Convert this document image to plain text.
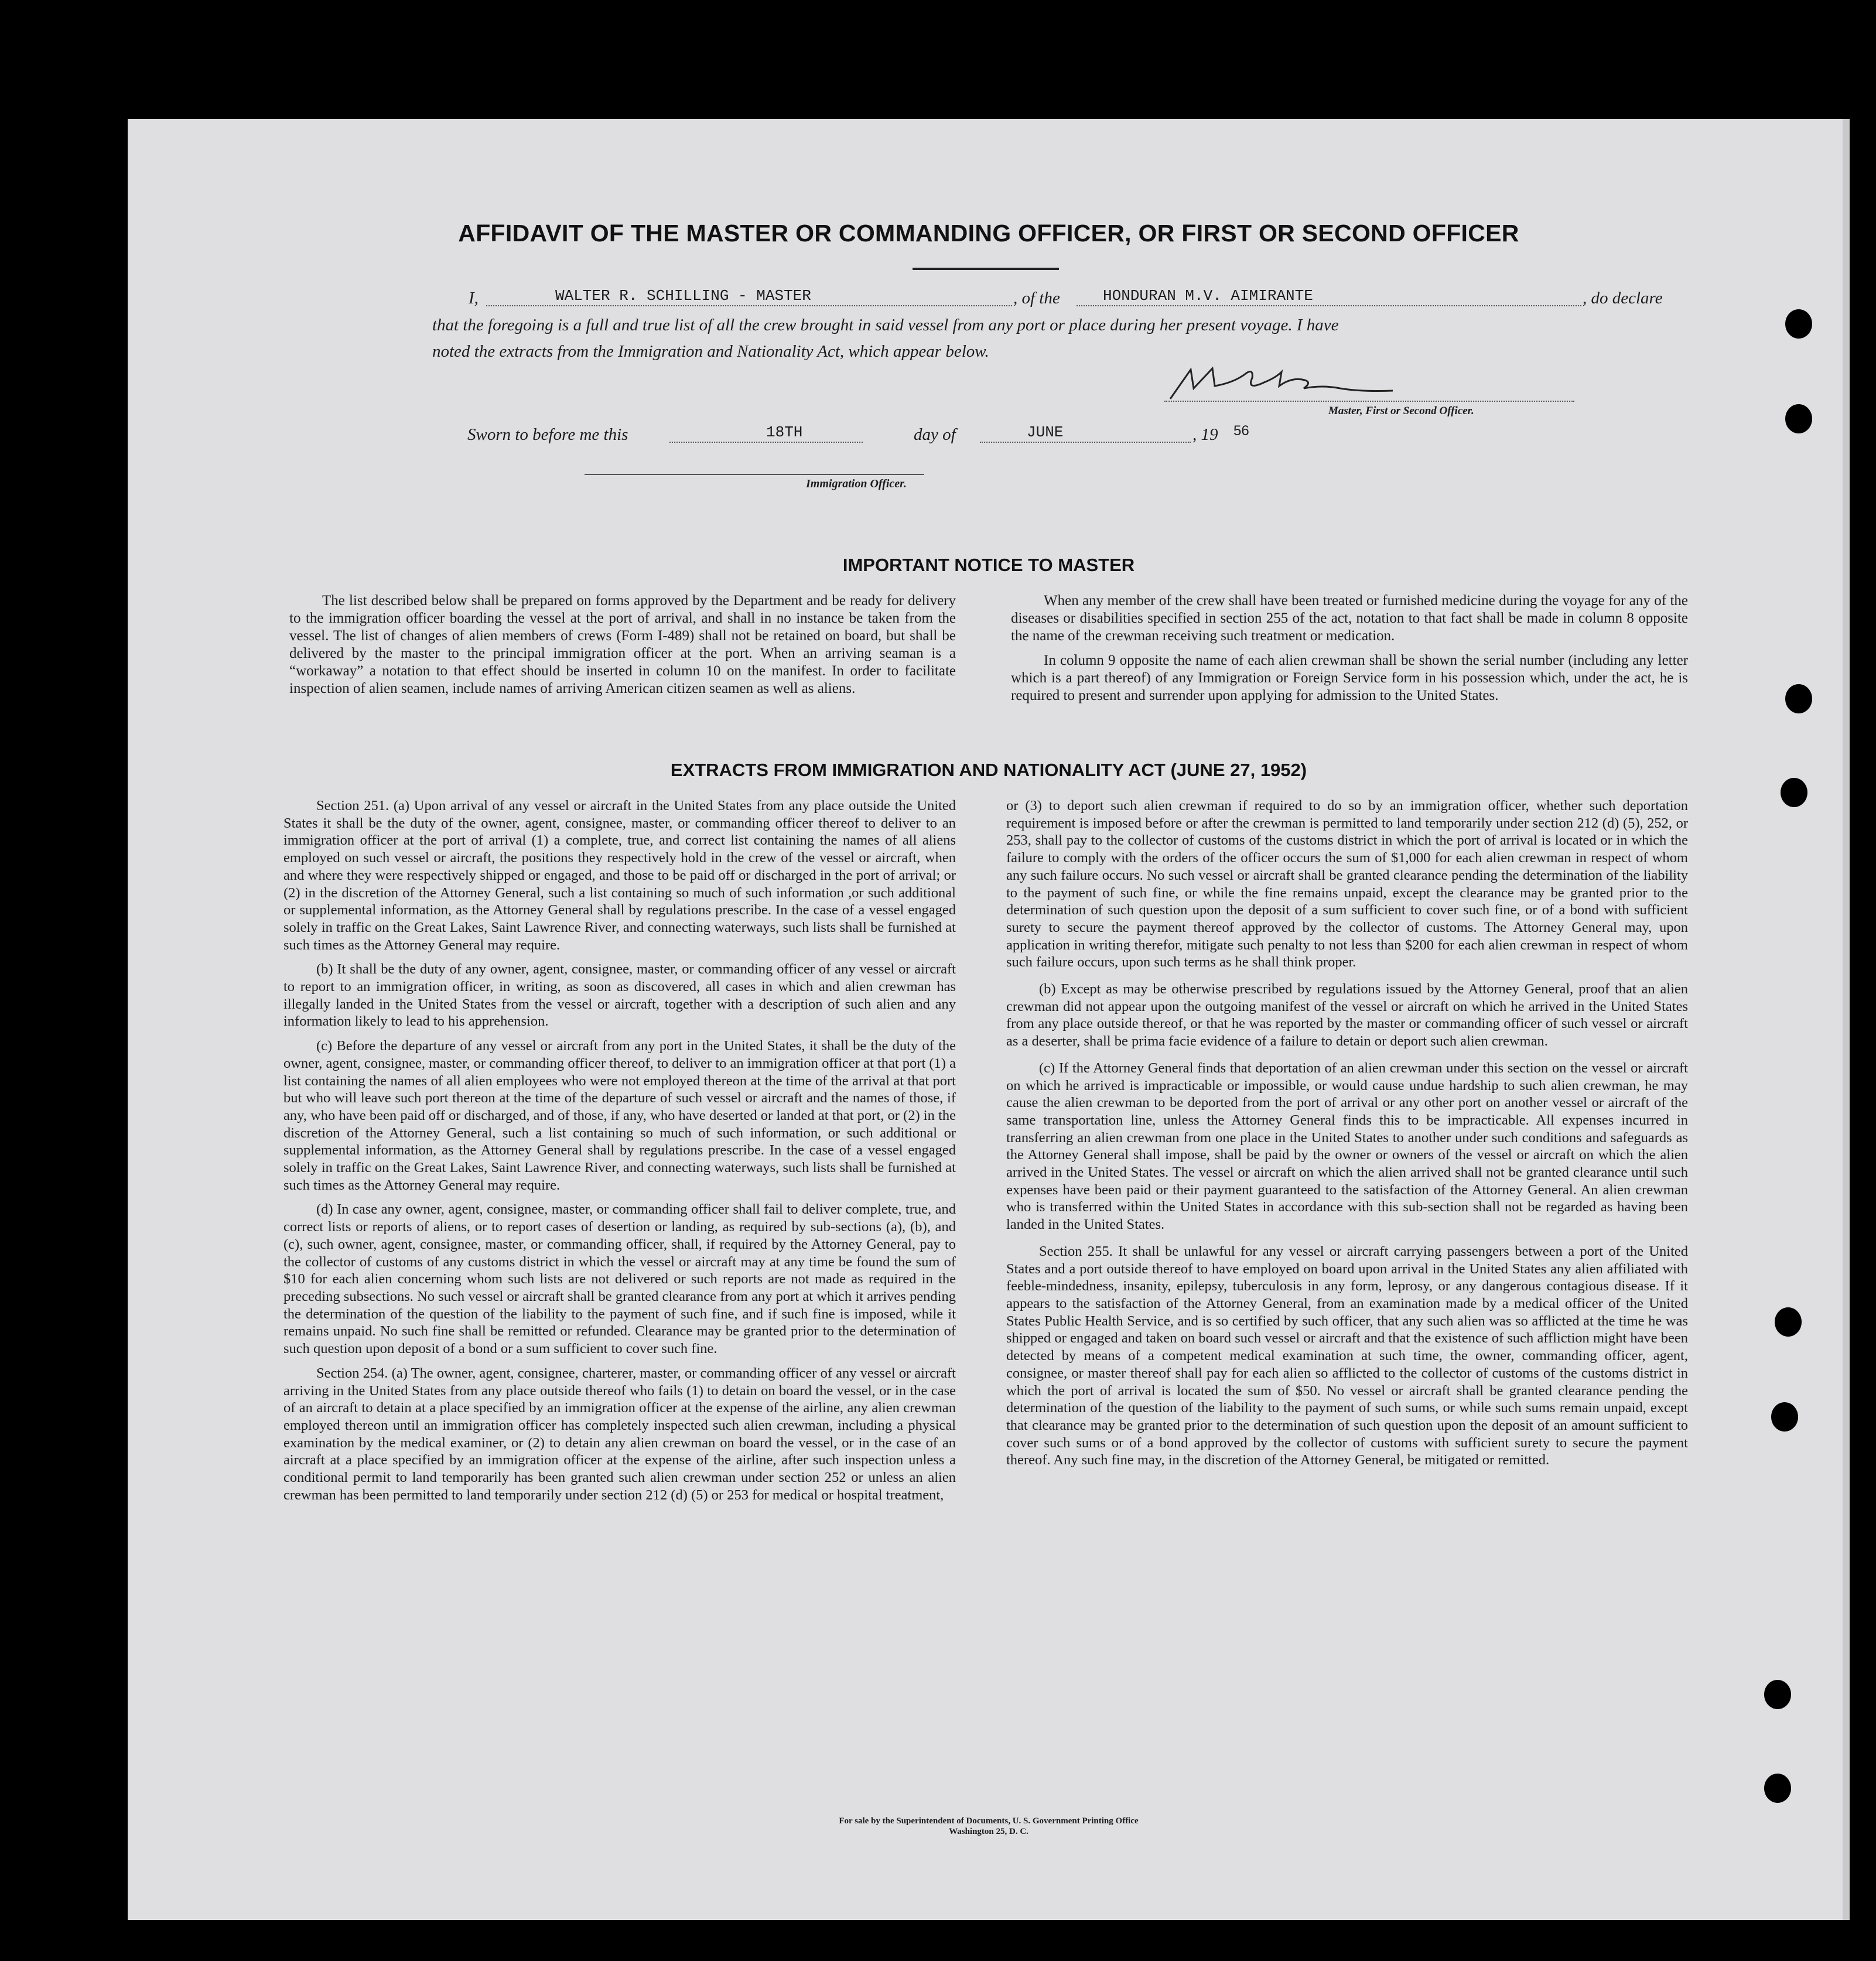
AFFIDAVIT OF THE MASTER OR COMMANDING OFFICER, OR FIRST OR SECOND OFFICER
I,	WALTER R. SCHILLING - MASTER	, of the	HONDURAN M.V. AIMIRANTE	, do declare
that the foregoing is a full and true list of all the crew brought in said vessel from any port or place during her present voyage. I have
noted the extracts from the Immigration and Nationality Act, which appear below.
Master, First or Second Officer.
Sworn to before me this	18TH	day of	JUNE	, 19 56
Immigration Officer.
IMPORTANT NOTICE TO MASTER

The list described below shall be prepared on forms approved by the Department and be ready for delivery to the immigration officer boarding the vessel at the port of arrival, and shall in no instance be taken from the vessel. The list of changes of alien members of crews (Form I-489) shall not be retained on board, but shall be delivered by the master to the principal immigration officer at the port. When an arriving seaman is a “workaway” a notation to that effect should be inserted in column 10 on the manifest. In order to facilitate inspection of alien seamen, include names of arriving American citizen seamen as well as aliens.

When any member of the crew shall have been treated or furnished medicine during the voyage for any of the diseases or disabilities specified in section 255 of the act, notation to that fact shall be made in column 8 opposite the name of the crewman receiving such treatment or medication.

In column 9 opposite the name of each alien crewman shall be shown the serial number (including any letter which is a part thereof) of any Immigration or Foreign Service form in his possession which, under the act, he is required to present and surrender upon applying for admission to the United States.

EXTRACTS FROM IMMIGRATION AND NATIONALITY ACT (JUNE 27, 1952)

Section 251. (a) Upon arrival of any vessel or aircraft in the United States from any place outside the United States it shall be the duty of the owner, agent, consignee, master, or commanding officer thereof to deliver to an immigration officer at the port of arrival (1) a complete, true, and correct list containing the names of all aliens employed on such vessel or aircraft, the positions they respectively hold in the crew of the vessel or aircraft, when and where they were respectively shipped or engaged, and those to be paid off or discharged in the port of arrival; or (2) in the discretion of the Attorney General, such a list containing so much of such information ,or such additional or supplemental information, as the Attorney General shall by regulations prescribe. In the case of a vessel engaged solely in traffic on the Great Lakes, Saint Lawrence River, and connecting waterways, such lists shall be furnished at such times as the Attorney General may require.

(b) It shall be the duty of any owner, agent, consignee, master, or commanding officer of any vessel or aircraft to report to an immigration officer, in writing, as soon as discovered, all cases in which and alien crewman has illegally landed in the United States from the vessel or aircraft, together with a description of such alien and any information likely to lead to his apprehension.

(c) Before the departure of any vessel or aircraft from any port in the United States, it shall be the duty of the owner, agent, consignee, master, or commanding officer thereof, to deliver to an immigration officer at that port (1) a list containing the names of all alien employees who were not employed thereon at the time of the arrival at that port but who will leave such port thereon at the time of the departure of such vessel or aircraft and the names of those, if any, who have been paid off or discharged, and of those, if any, who have deserted or landed at that port, or (2) in the discretion of the Attorney General, such a list containing so much of such information, or such additional or supplemental information, as the Attorney General shall by regulations prescribe. In the case of a vessel engaged solely in traffic on the Great Lakes, Saint Lawrence River, and connecting waterways, such lists shall be furnished at such times as the Attorney General may require.

(d) In case any owner, agent, consignee, master, or commanding officer shall fail to deliver complete, true, and correct lists or reports of aliens, or to report cases of desertion or landing, as required by sub-sections (a), (b), and (c), such owner, agent, consignee, master, or commanding officer, shall, if required by the Attorney General, pay to the collector of customs of any customs district in which the vessel or aircraft may at any time be found the sum of $10 for each alien concerning whom such lists are not delivered or such reports are not made as required in the preceding subsections. No such vessel or aircraft shall be granted clearance from any port at which it arrives pending the determination of the question of the liability to the payment of such fine, and if such fine is imposed, while it remains unpaid. No such fine shall be remitted or refunded. Clearance may be granted prior to the determination of such question upon deposit of a bond or a sum sufficient to cover such fine.

Section 254. (a) The owner, agent, consignee, charterer, master, or commanding officer of any vessel or aircraft arriving in the United States from any place outside thereof who fails (1) to detain on board the vessel, or in the case of an aircraft to detain at a place specified by an immigration officer at the expense of the airline, any alien crewman employed thereon until an immigration officer has completely inspected such alien crewman, including a physical examination by the medical examiner, or (2) to detain any alien crewman on board the vessel, or in the case of an aircraft at a place specified by an immigration officer at the expense of the airline, after such inspection unless a conditional permit to land temporarily has been granted such alien crewman under section 252 or unless an alien crewman has been permitted to land temporarily under section 212 (d) (5) or 253 for medical or hospital treatment,

or (3) to deport such alien crewman if required to do so by an immigration officer, whether such deportation requirement is imposed before or after the crewman is permitted to land temporarily under section 212 (d) (5), 252, or 253, shall pay to the collector of customs of the customs district in which the port of arrival is located or in which the failure to comply with the orders of the officer occurs the sum of $1,000 for each alien crewman in respect of whom any such failure occurs. No such vessel or aircraft shall be granted clearance pending the determination of the liability to the payment of such fine, or while the fine remains unpaid, except the clearance may be granted prior to the determination of such question upon the deposit of a sum sufficient to cover such fine, or of a bond with sufficient surety to secure the payment thereof approved by the collector of customs. The Attorney General may, upon application in writing therefor, mitigate such penalty to not less than $200 for each alien crewman in respect of whom such failure occurs, upon such terms as he shall think proper.

(b) Except as may be otherwise prescribed by regulations issued by the Attorney General, proof that an alien crewman did not appear upon the outgoing manifest of the vessel or aircraft on which he arrived in the United States from any place outside thereof, or that he was reported by the master or commanding officer of such vessel or aircraft as a deserter, shall be prima facie evidence of a failure to detain or deport such alien crewman.

(c) If the Attorney General finds that deportation of an alien crewman under this section on the vessel or aircraft on which he arrived is impracticable or impossible, or would cause undue hardship to such alien crewman, he may cause the alien crewman to be deported from the port of arrival or any other port on another vessel or aircraft of the same transportation line, unless the Attorney General finds this to be impracticable. All expenses incurred in transferring an alien crewman from one place in the United States to another under such conditions and safeguards as the Attorney General shall impose, shall be paid by the owner or owners of the vessel or aircraft on which the alien arrived in the United States. The vessel or aircraft on which the alien arrived shall not be granted clearance until such expenses have been paid or their payment guaranteed to the satisfaction of the Attorney General. An alien crewman who is transferred within the United States in accordance with this sub-section shall not be regarded as having been landed in the United States.

Section 255. It shall be unlawful for any vessel or aircraft carrying passengers between a port of the United States and a port outside thereof to have employed on board upon arrival in the United States any alien affiliated with feeble-mindedness, insanity, epilepsy, tuberculosis in any form, leprosy, or any dangerous contagious disease. If it appears to the satisfaction of the Attorney General, from an examination made by a medical officer of the United States Public Health Service, and is so certified by such officer, that any such alien was so afflicted at the time he was shipped or engaged and taken on board such vessel or aircraft and that the existence of such affliction might have been detected by means of a competent medical examination at such time, the owner, commanding officer, agent, consignee, or master thereof shall pay for each alien so afflicted to the collector of customs of the customs district in which the port of arrival is located the sum of $50. No vessel or aircraft shall be granted clearance pending the determination of the question of the liability to the payment of such sums, or while such sums remain unpaid, except that clearance may be granted prior to the determination of such question upon the deposit of an amount sufficient to cover such sums or of a bond approved by the collector of customs with sufficient surety to secure the payment thereof. Any such fine may, in the discretion of the Attorney General, be mitigated or remitted.

For sale by the Superintendent of Documents, U. S. Government Printing Office
Washington 25, D. C.
